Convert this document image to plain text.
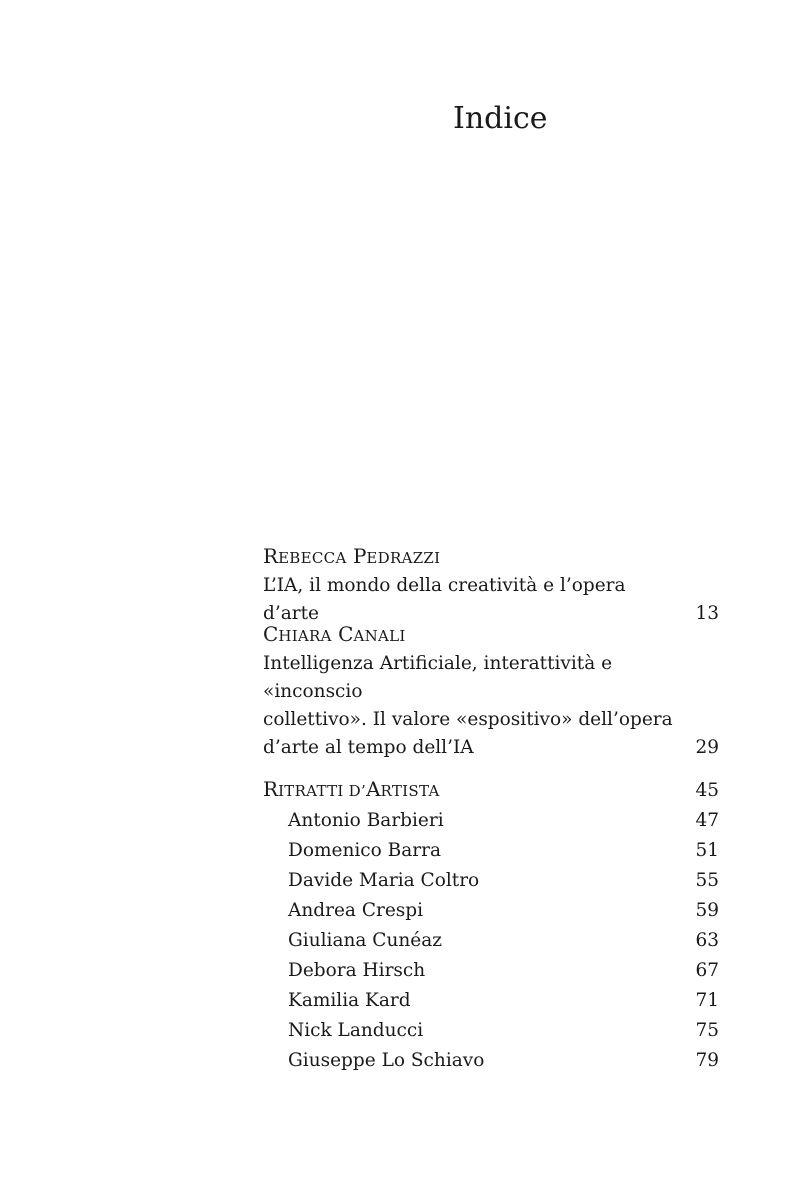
Indice
REBECCA PEDRAZZI
L’IA, il mondo della creatività e l’opera d’arte	13
CHIARA CANALI
Intelligenza Artificiale, interattività e «inconscio
collettivo». Il valore «espositivo» dell’opera
d’arte al tempo dell’IA	29
RITRATTI D’ARTISTA	45
Antonio Barbieri	47
Domenico Barra	51
Davide Maria Coltro	55
Andrea Crespi	59
Giuliana Cunéaz	63
Debora Hirsch	67
Kamilia Kard	71
Nick Landucci	75
Giuseppe Lo Schiavo	79
